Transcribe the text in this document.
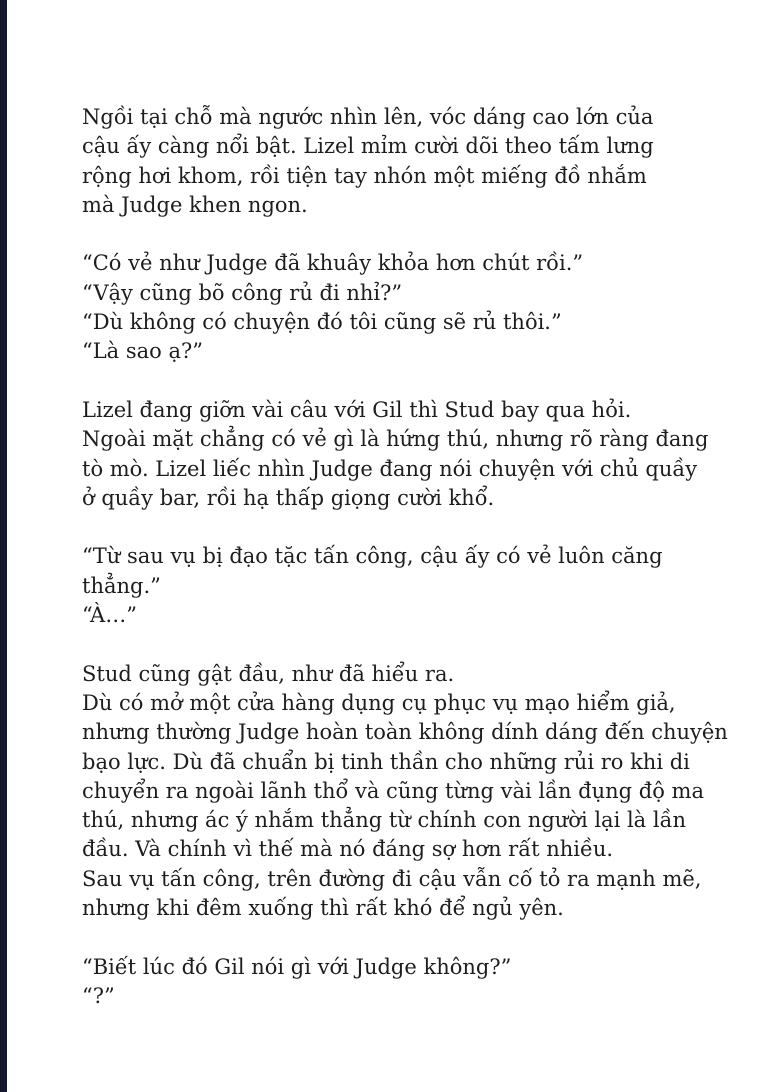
Ngồi tại chỗ mà ngước nhìn lên, vóc dáng cao lớn của
cậu ấy càng nổi bật. Lizel mỉm cười dõi theo tấm lưng
rộng hơi khom, rồi tiện tay nhón một miếng đồ nhắm
mà Judge khen ngon.
“Có vẻ như Judge đã khuây khỏa hơn chút rồi.”
“Vậy cũng bõ công rủ đi nhỉ?”
“Dù không có chuyện đó tôi cũng sẽ rủ thôi.”
“Là sao ạ?”
Lizel đang giỡn vài câu với Gil thì Stud bay qua hỏi.
Ngoài mặt chẳng có vẻ gì là hứng thú, nhưng rõ ràng đang
tò mò. Lizel liếc nhìn Judge đang nói chuyện với chủ quầy
ở quầy bar, rồi hạ thấp giọng cười khổ.
“Từ sau vụ bị đạo tặc tấn công, cậu ấy có vẻ luôn căng
thẳng.”
“À…”
Stud cũng gật đầu, như đã hiểu ra.
Dù có mở một cửa hàng dụng cụ phục vụ mạo hiểm giả,
nhưng thường Judge hoàn toàn không dính dáng đến chuyện
bạo lực. Dù đã chuẩn bị tinh thần cho những rủi ro khi di
chuyển ra ngoài lãnh thổ và cũng từng vài lần đụng độ ma
thú, nhưng ác ý nhắm thẳng từ chính con người lại là lần
đầu. Và chính vì thế mà nó đáng sợ hơn rất nhiều.
Sau vụ tấn công, trên đường đi cậu vẫn cố tỏ ra mạnh mẽ,
nhưng khi đêm xuống thì rất khó để ngủ yên.
“Biết lúc đó Gil nói gì với Judge không?”
“?”
